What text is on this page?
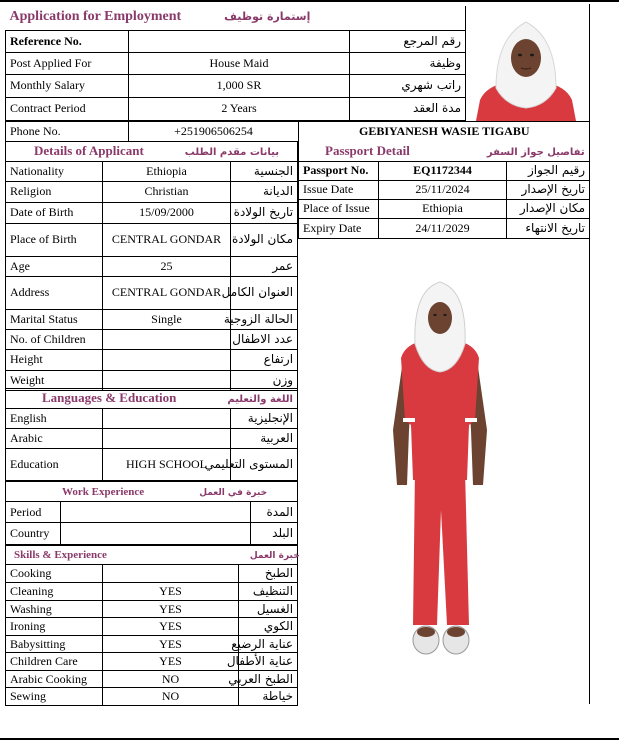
Application for Employment إستمارة توظيف		
Reference No.		رقم المرجع
Post Applied For	House Maid	وظيفة
Monthly Salary	1,000 SR	راتب شهري
Contract Period	2 Years	مدة العقد
Phone No.	+251906506254	GEBIYANESH WASIE TIGABU
Details of Applicant بيانات مقدم الطلب		
Nationality	Ethiopia	الجنسية
Religion	Christian	الديانة
Date of Birth	15/09/2000	تاريخ الولادة
Place of Birth	CENTRAL GONDAR	مكان الولادة
Age	25	عمر
Address	CENTRAL GONDAR	العنوان الكامل
Marital Status	Single	الحالة الزوجية
No. of Children		عدد الاطفال
Height		ارتفاع
Weight		وزن
Passport Detail تفاصيل جواز السفر		
Passport No.	EQ1172344	رقيم الجواز
Issue Date	25/11/2024	تاريخ الإصدار
Place of Issue	Ethiopia	مكان الإصدار
Expiry Date	24/11/2029	تاريخ الانتهاء
Languages & Education اللغة والتعليم		
English		الإنجليزية
Arabic		العربية
Education	HIGH SCHOOL	المستوى التعليمي
Work Experience خبرة في العمل		
Period		المدة
Country		البلد
Skills & Experience خبرة العمل		
Cooking		الطبخ
Cleaning	YES	التنظيف
Washing	YES	الغسيل
Ironing	YES	الكوي
Babysitting	YES	عناية الرضيع
Children Care	YES	عناية الأطفال
Arabic Cooking	NO	الطبخ العربي
Sewing	NO	خياطة
